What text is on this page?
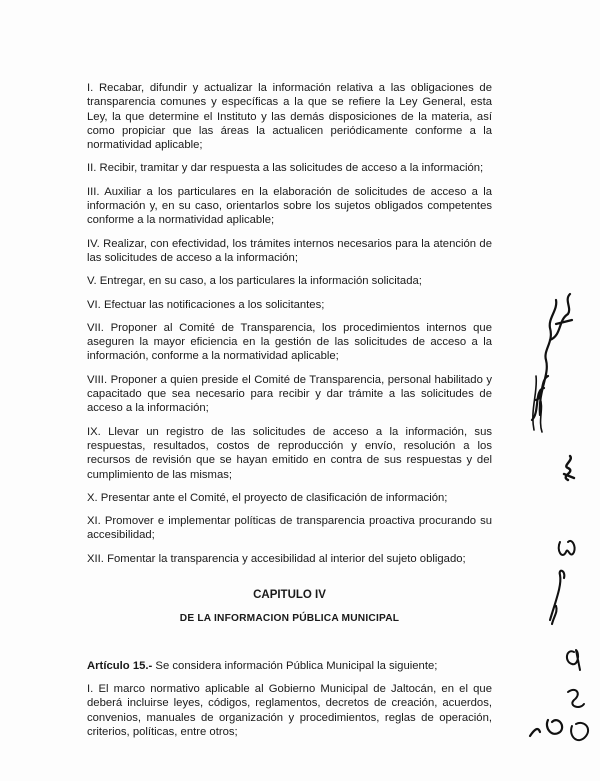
I. Recabar, difundir y actualizar la información relativa a las obligaciones de transparencia comunes y específicas a la que se refiere la Ley General, esta Ley, la que determine el Instituto y las demás disposiciones de la materia, así como propiciar que las áreas la actualicen periódicamente conforme a la normatividad aplicable;

II. Recibir, tramitar y dar respuesta a las solicitudes de acceso a la información;

III. Auxiliar a los particulares en la elaboración de solicitudes de acceso a la información y, en su caso, orientarlos sobre los sujetos obligados competentes conforme a la normatividad aplicable;

IV. Realizar, con efectividad, los trámites internos necesarios para la atención de las solicitudes de acceso a la información;

V. Entregar, en su caso, a los particulares la información solicitada;

VI. Efectuar las notificaciones a los solicitantes;

VII. Proponer al Comité de Transparencia, los procedimientos internos que aseguren la mayor eficiencia en la gestión de las solicitudes de acceso a la información, conforme a la normatividad aplicable;

VIII. Proponer a quien preside el Comité de Transparencia, personal habilitado y capacitado que sea necesario para recibir y dar trámite a las solicitudes de acceso a la información;

IX. Llevar un registro de las solicitudes de acceso a la información, sus respuestas, resultados, costos de reproducción y envío, resolución a los recursos de revisión que se hayan emitido en contra de sus respuestas y del cumplimiento de las mismas;

X. Presentar ante el Comité, el proyecto de clasificación de información;

XI. Promover e implementar políticas de transparencia proactiva procurando su accesibilidad;

XII. Fomentar la transparencia y accesibilidad al interior del sujeto obligado;

CAPITULO IV

DE LA INFORMACION PÚBLICA MUNICIPAL

Artículo 15.- Se considera información Pública Municipal la siguiente;

I. El marco normativo aplicable al Gobierno Municipal de Jaltocán, en el que deberá incluirse leyes, códigos, reglamentos, decretos de creación, acuerdos, convenios, manuales de organización y procedimientos, reglas de operación, criterios, políticas, entre otros;
